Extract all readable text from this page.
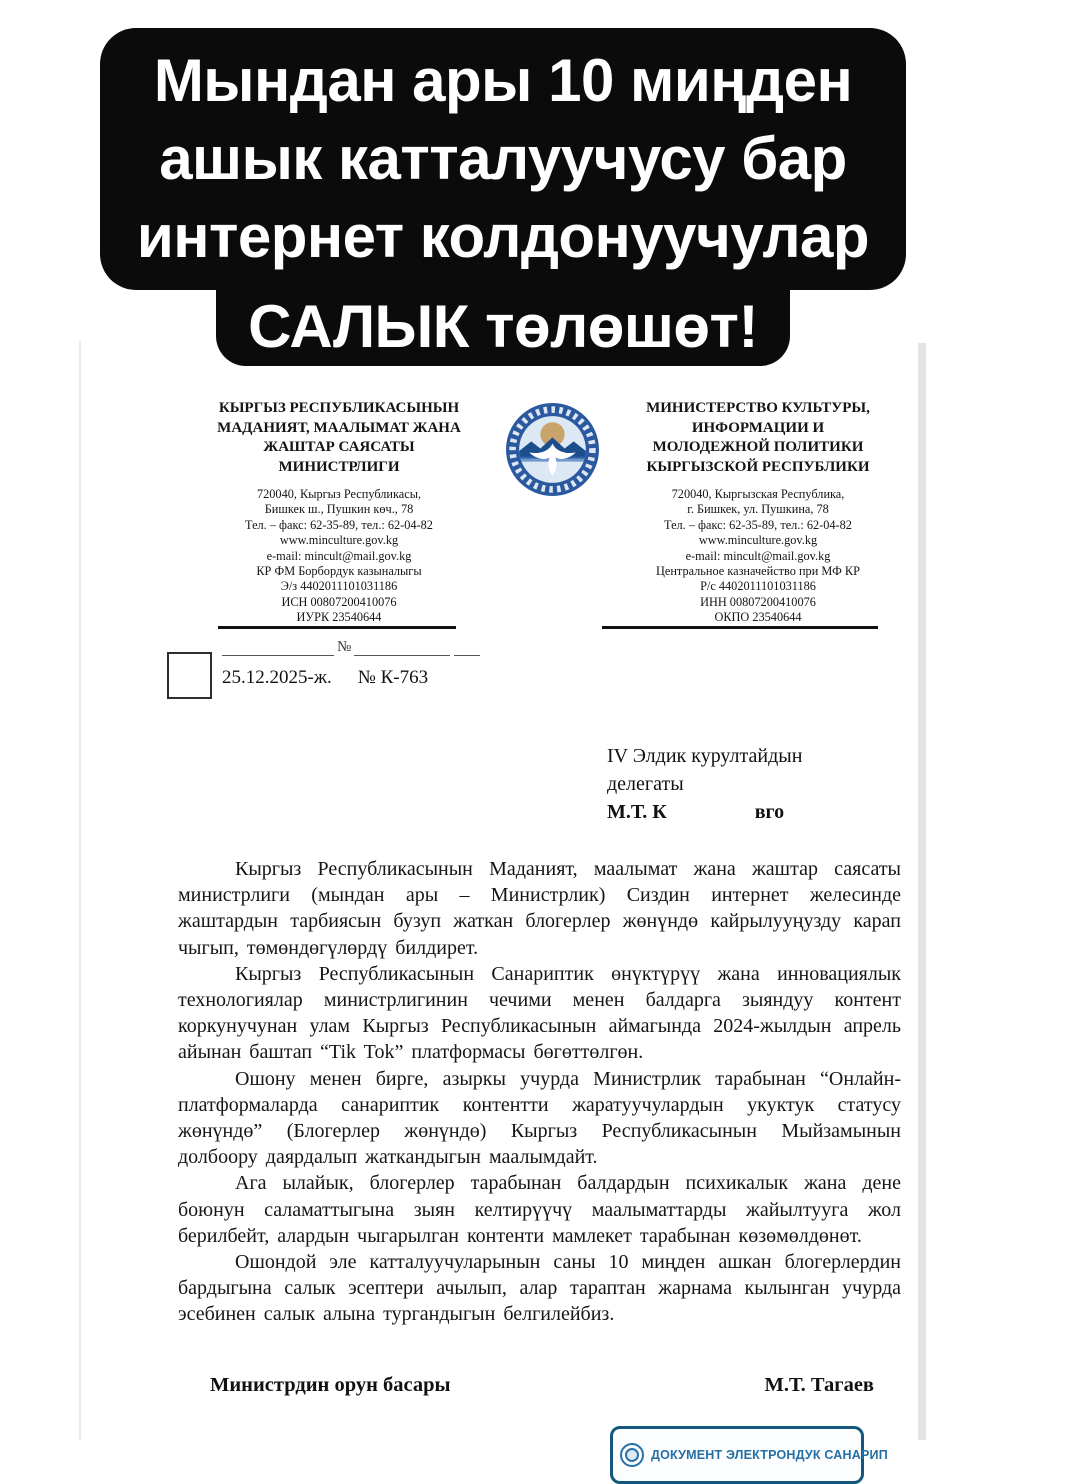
Мындан ары 10 миңден
ашык катталуучусу бар
интернет колдонуучулар
САЛЫК төлөшөт!
КЫРГЫЗ РЕСПУБЛИКАСЫНЫН
МАДАНИЯТ, МААЛЫМАТ ЖАНА
ЖАШТАР САЯСАТЫ
МИНИСТРЛИГИ
720040, Кыргыз Республикасы,
Бишкек ш., Пушкин көч., 78
Тел. – факс: 62-35-89, тел.: 62-04-82
www.minculture.gov.kg
e-mail: mincult@mail.gov.kg
КР ФМ Борбордук казыналыгы
Э/з 4402011101031186
ИСН 00807200410076
ИУРК 23540644
МИНИСТЕРСТВО КУЛЬТУРЫ,
ИНФОРМАЦИИ И
МОЛОДЕЖНОЙ ПОЛИТИКИ
КЫРГЫЗСКОЙ РЕСПУБЛИКИ
720040, Кыргызская Республика,
г. Бишкек, ул. Пушкина, 78
Тел. – факс: 62-35-89, тел.: 62-04-82
www.minculture.gov.kg
e-mail: mincult@mail.gov.kg
Центральное казначейство при МФ КР
Р/с 4402011101031186
ИНН 00807200410076
ОКПО 23540644
№
25.12.2025-ж. № К-763
IV Элдик курултайдын
делегаты
М.Т. К	вго

Кыргыз Республикасынын Маданият, маалымат жана жаштар саясаты министрлиги (мындан ары – Министрлик) Сиздин интернет желесинде жаштардын тарбиясын бузуп жаткан блогерлер жөнүндө кайрылууңузду карап чыгып, төмөндөгүлөрдү билдирет.

Кыргыз Республикасынын Санариптик өнүктүрүү жана инновациялык технологиялар министрлигинин чечими менен балдарга зыяндуу контент коркунучунан улам Кыргыз Республикасынын аймагында 2024-жылдын апрель айынан баштап “Tik Tok” платформасы бөгөттөлгөн.

Ошону менен бирге, азыркы учурда Министрлик тарабынан “Онлайн-платформаларда санариптик контентти жаратуучулардын укуктук статусу жөнүндө” (Блогерлер жөнүндө) Кыргыз Республикасынын Мыйзамынын долбоору даярдалып жаткандыгын маалымдайт.

Ага ылайык, блогерлер тарабынан балдардын психикалык жана дене боюнун саламаттыгына зыян келтирүүчү маалыматтарды жайылтууга жол берилбейт, алардын чыгарылган контенти мамлекет тарабынан көзөмөлдөнөт.

Ошондой эле катталуучуларынын саны 10 миңден ашкан блогерлердин бардыгына салык эсептери ачылып, алар тараптан жарнама кылынган учурда эсебинен салык алына тургандыгын белгилейбиз.

Министрдин орун басары	М.Т. Тагаев
ДОКУМЕНТ ЭЛЕКТРОНДУК САНАРИП
